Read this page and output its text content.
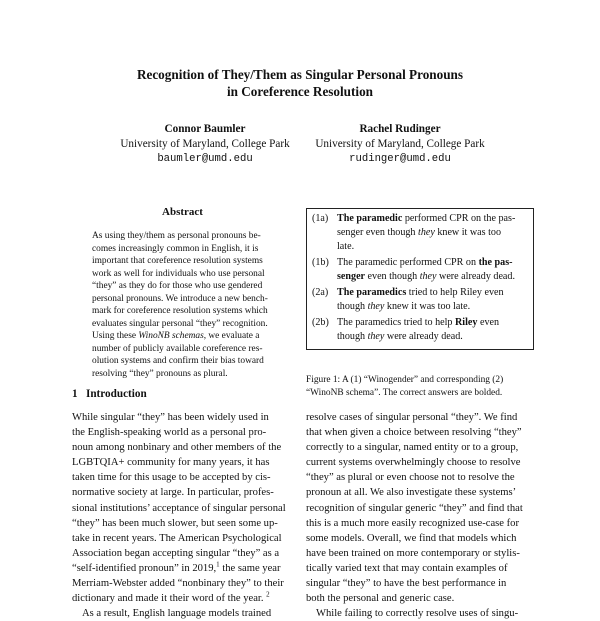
Recognition of They/Them as Singular Personal Pronouns
in Coreference Resolution
Connor Baumler
University of Maryland, College Park
baumler@umd.edu
Rachel Rudinger
University of Maryland, College Park
rudinger@umd.edu
Abstract
As using they/them as personal pronouns be-
comes increasingly common in English, it is
important that coreference resolution systems
work as well for individuals who use personal
“they” as they do for those who use gendered
personal pronouns. We introduce a new bench-
mark for coreference resolution systems which
evaluates singular personal “they” recognition.
Using these WinoNB schemas, we evaluate a
number of publicly available coreference res-
olution systems and confirm their bias toward
resolving “they” pronouns as plural.
(1a) The paramedic performed CPR on the pas-
senger even though they knew it was too
late.
(1b) The paramedic performed CPR on the pas-
senger even though they were already dead.
(2a) The paramedics tried to help Riley even
though they knew it was too late.
(2b) The paramedics tried to help Riley even
though they were already dead.
Figure 1: A (1) “Winogender” and corresponding (2)
“WinoNB schema”. The correct answers are bolded.
1   Introduction
While singular “they” has been widely used in
the English-speaking world as a personal pro-
noun among nonbinary and other members of the
LGBTQIA+ community for many years, it has
taken time for this usage to be accepted by cis-
normative society at large. In particular, profes-
sional institutions’ acceptance of singular personal
“they” has been much slower, but seen some up-
take in recent years. The American Psychological
Association began accepting singular “they” as a
“self-identified pronoun” in 2019,$^1$ the same year
Merriam-Webster added “nonbinary they” to their
dictionary and made it their word of the year. $^2$
As a result, English language models trained
resolve cases of singular personal “they”. We find
that when given a choice between resolving “they”
correctly to a singular, named entity or to a group,
current systems overwhelmingly choose to resolve
“they” as plural or even choose not to resolve the
pronoun at all. We also investigate these systems’
recognition of singular generic “they” and find that
this is a much more easily recognized use-case for
some models. Overall, we find that models which
have been trained on more contemporary or stylis-
tically varied text that may contain examples of
singular “they” to have the best performance in
both the personal and generic case.
While failing to correctly resolve uses of singu-
